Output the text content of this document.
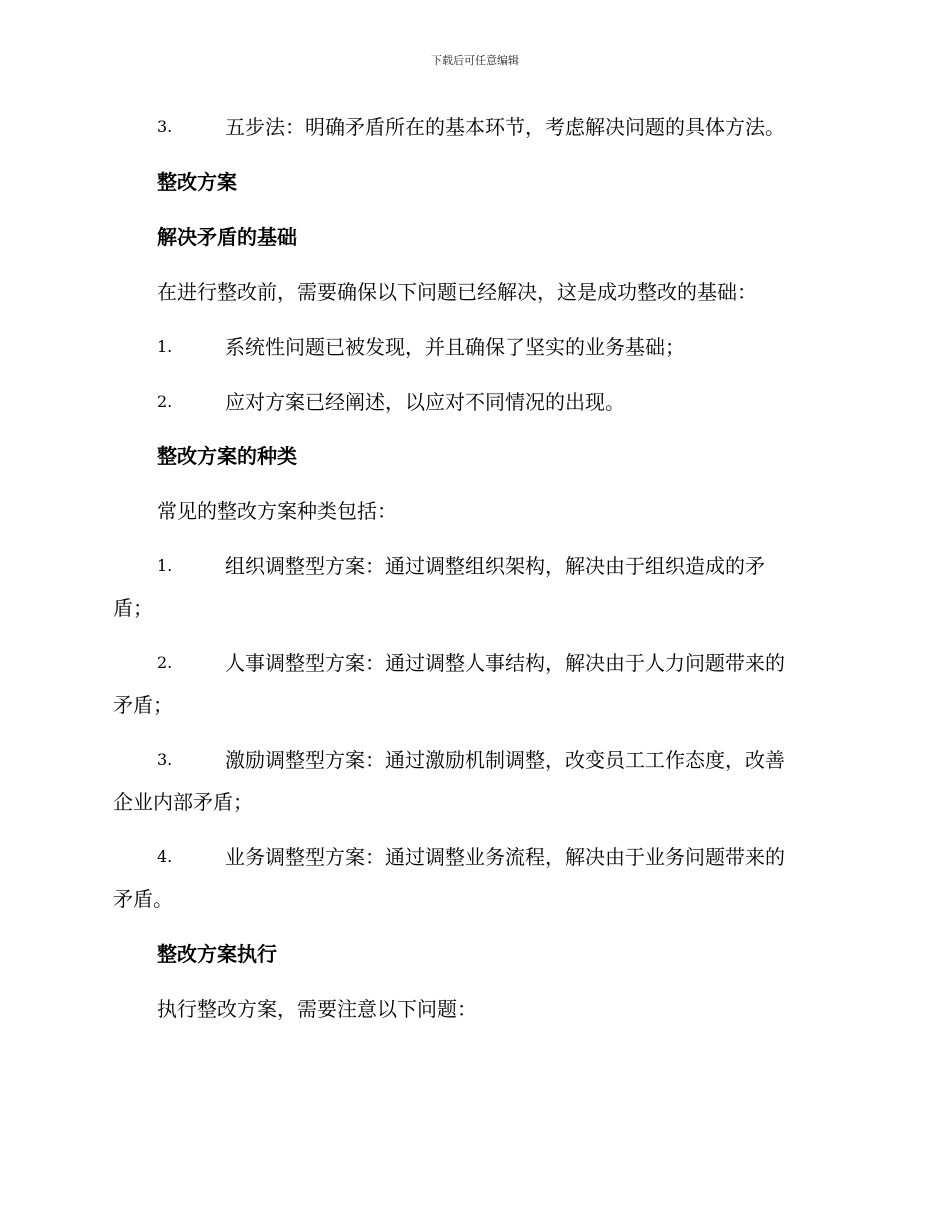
下载后可任意编辑
3.	五步法：明确矛盾所在的基本环节，考虑解决问题的具体方法。
整改方案
解决矛盾的基础
在进行整改前，需要确保以下问题已经解决，这是成功整改的基础：
1.	系统性问题已被发现，并且确保了坚实的业务基础；
2.	应对方案已经阐述，以应对不同情况的出现。
整改方案的种类
常见的整改方案种类包括：
1.	组织调整型方案：通过调整组织架构，解决由于组织造成的矛
盾；
2.	人事调整型方案：通过调整人事结构，解决由于人力问题带来的
矛盾；
3.	激励调整型方案：通过激励机制调整，改变员工工作态度，改善
企业内部矛盾；
4.	业务调整型方案：通过调整业务流程，解决由于业务问题带来的
矛盾。
整改方案执行
执行整改方案，需要注意以下问题：
